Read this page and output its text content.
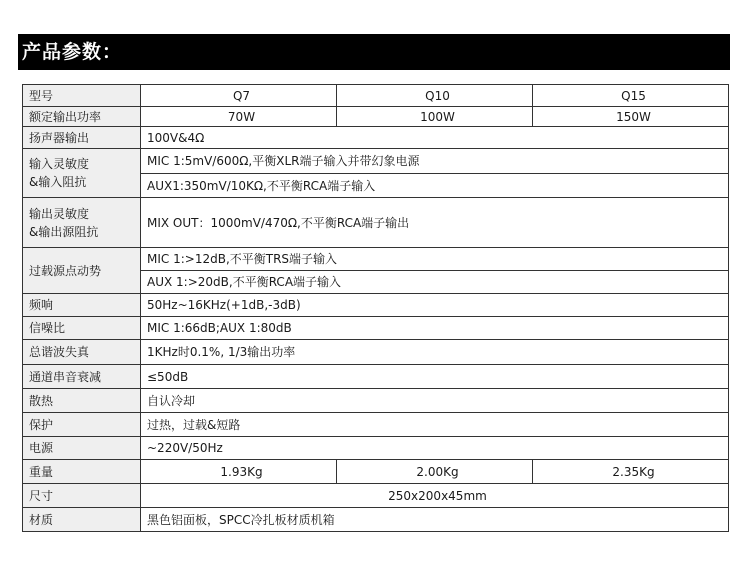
产品参数：
型号	Q7	Q10	Q15
额定输出功率	70W	100W	150W
扬声器输出	100V&4Ω		
输入灵敏度
&输入阻抗	MIC 1:5mV/600Ω,平衡XLR端子输入并带幻象电源		
	AUX1:350mV/10KΩ,不平衡RCA端子输入		
输出灵敏度
&输出源阻抗	MIX OUT：1000mV/470Ω,不平衡RCA端子输出		
过载源点动势	MIC 1:>12dB,不平衡TRS端子输入		
	AUX 1:>20dB,不平衡RCA端子输入		
频响	50Hz~16KHz(+1dB,-3dB)		
信噪比	MIC 1:66dB;AUX 1:80dB		
总谐波失真	1KHz时0.1%, 1/3输出功率		
通道串音衰减	≤50dB		
散热	自认冷却		
保护	过热，过载&短路		
电源	~220V/50Hz		
重量	1.93Kg	2.00Kg	2.35Kg
尺寸	250x200x45mm		
材质	黑色铝面板，SPCC冷扎板材质机箱		
